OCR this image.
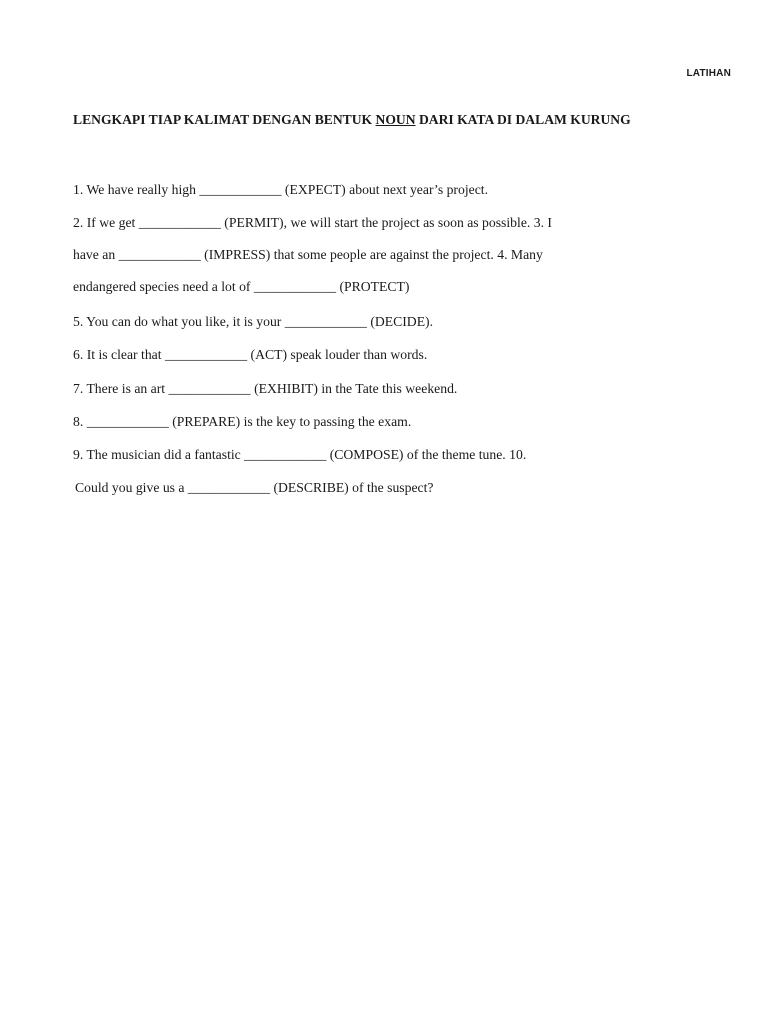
LATIHAN
LENGKAPI TIAP KALIMAT DENGAN BENTUK NOUN DARI KATA DI DALAM KURUNG
1. We have really high ____________ (EXPECT) about next year’s project.
2. If we get ____________ (PERMIT), we will start the project as soon as possible. 3. I
have an ____________ (IMPRESS) that some people are against the project. 4. Many
endangered species need a lot of ____________ (PROTECT)
5. You can do what you like, it is your ____________ (DECIDE).
6. It is clear that ____________ (ACT) speak louder than words.
7. There is an art ____________ (EXHIBIT) in the Tate this weekend.
8. ____________ (PREPARE) is the key to passing the exam.
9. The musician did a fantastic ____________ (COMPOSE) of the theme tune. 10.
Could you give us a ____________ (DESCRIBE) of the suspect?
